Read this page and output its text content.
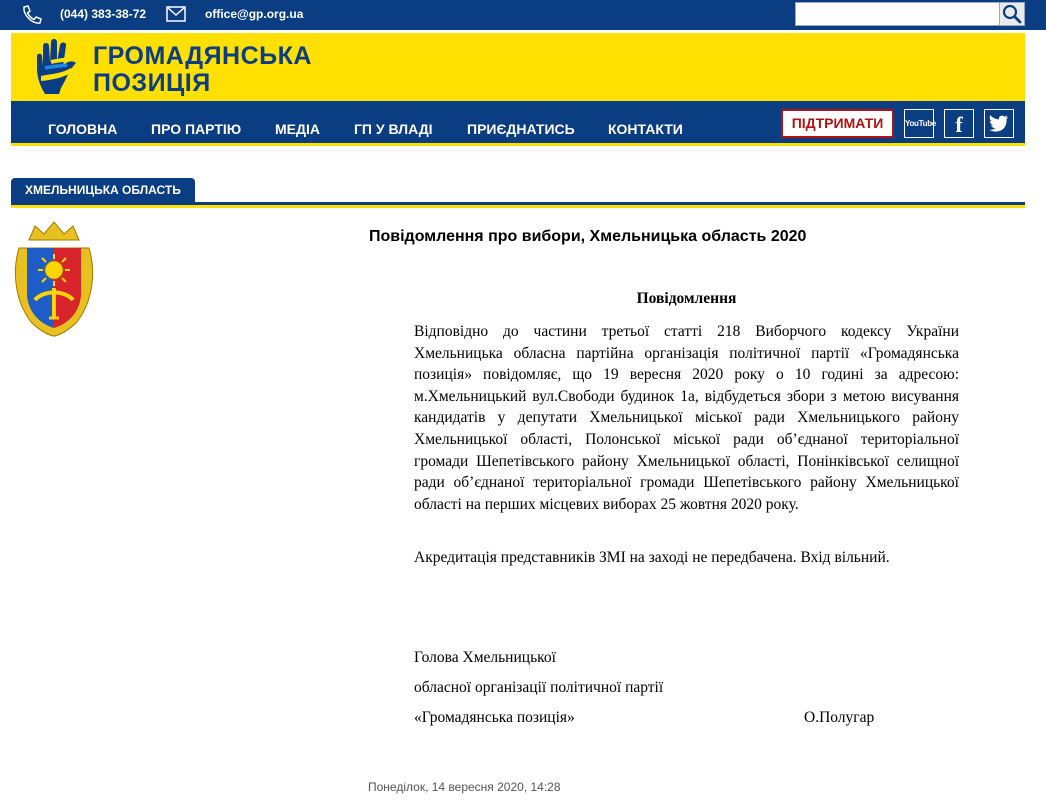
(044) 383-38-72	office@gp.org.ua
ГРОМАДЯНСЬКА
ПОЗИЦІЯ
ГОЛОВНА ПРО ПАРТІЮ МЕДІА ГП У ВЛАДІ ПРИЄДНАТИСЬ КОНТАКТИ	ПІДТРИМАТИ	YouTube f
ХМЕЛЬНИЦЬКА ОБЛАСТЬ
Повідомлення про вибори, Хмельницька область 2020
Повідомлення
Відповідно до частини третьої статті 218 Виборчого кодексу України Хмельницька обласна партійна організація політичної партії «Громадянська позиція» повідомляє, що 19 вересня 2020 року о 10 годині за адресою: м.Хмельницький вул.Свободи будинок 1а, відбудеться збори з метою висування кандидатів у депутати Хмельницької міської ради Хмельницького району Хмельницької області, Полонської міської ради об’єднаної територіальної громади Шепетівського району Хмельницької області, Понінківської селищної ради об’єднаної територіальної громади Шепетівського району Хмельницької області на перших місцевих виборах 25 жовтня 2020 року.
Акредитація представників ЗМІ на заході не передбачена. Вхід вільний.
Голова Хмельницької
обласної організації політичної партії
«Громадянська позиція»	О.Полугар
Понеділок, 14 вересня 2020, 14:28
